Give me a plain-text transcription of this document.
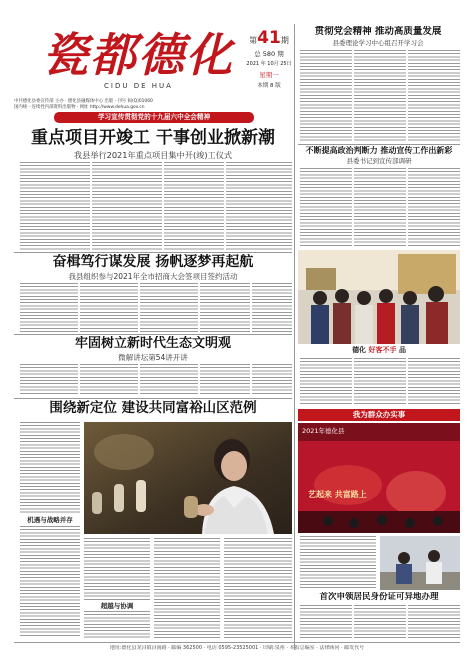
瓷都德化
CIDU DE HUA
第41期
总 580 期
2021 年 10月 25日
星期一
本期 8 版
中共德化县委宣传部 主办 · 德化县融媒体中心 出版 · 刊号 闽(Q)01060
国内统一连续性内部资料出版物 · 网址 http://www.dehua.gov.cn
学习宣传贯彻党的十九届六中全会精神
重点项目开竣工 干事创业掀新潮
我县举行2021年重点项目集中开(竣)工仪式
奋楫笃行谋发展 扬帆逐梦再起航
我县组织参与2021年全市招商大会签项目签约活动
牢固树立新时代生态文明观
微解讲坛第54讲开讲
围绕新定位 建设共同富裕山区范例
机遇与战略并存
超越与协调
贯彻党会精神 推动高质量发展
县委理论学习中心组召开学习会
不断提高政治判断力 推动宣传工作出新彩
县委书记到宣传部调研
德化 好客不手 品
我为群众办实事
2021年德化县
艺起来 共富路上
首次申领居民身份证可异地办理
地址:德化县龙浔镇浔南路 · 邮编 362500 · 电话 0595-23525001 · 印刷:泉州 · 本报总编室 · 法律顾问 · 邮发代号
